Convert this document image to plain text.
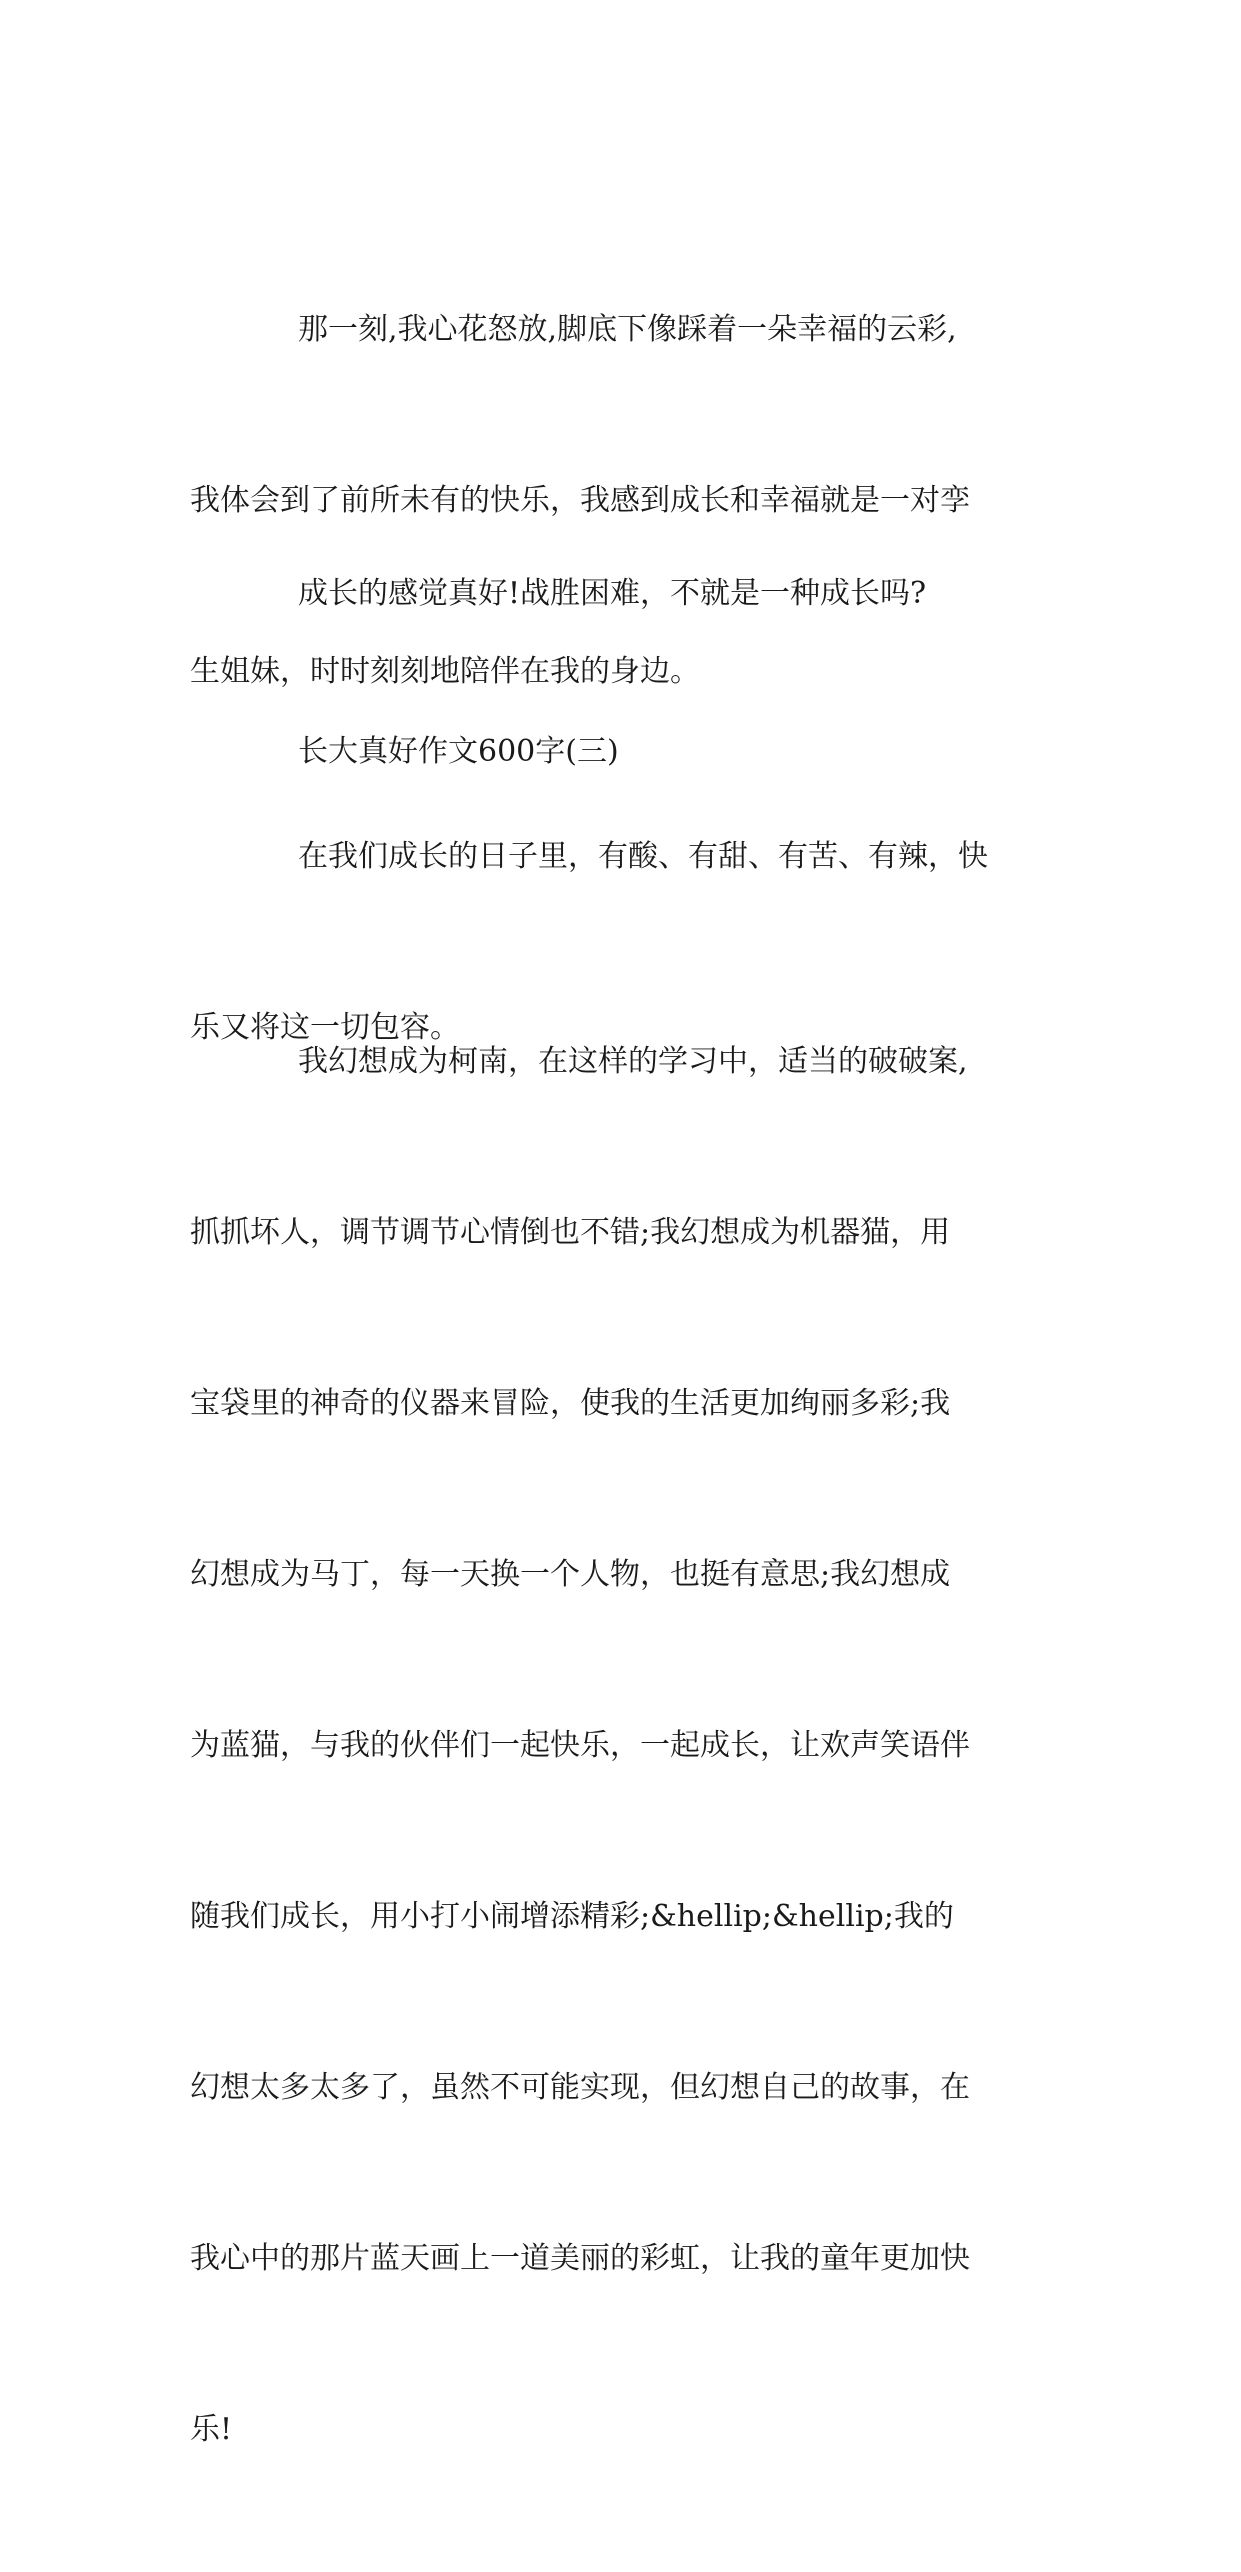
那一刻,我心花怒放,脚底下像踩着一朵幸福的云彩,

我体会到了前所未有的快乐，我感到成长和幸福就是一对孪

生姐妹，时时刻刻地陪伴在我的身边。

成长的感觉真好!战胜困难，不就是一种成长吗?

长大真好作文600字(三)

在我们成长的日子里，有酸、有甜、有苦、有辣，快

乐又将这一切包容。

我幻想成为柯南，在这样的学习中，适当的破破案,

抓抓坏人，调节调节心情倒也不错;我幻想成为机器猫，用

宝袋里的神奇的仪器来冒险，使我的生活更加绚丽多彩;我

幻想成为马丁，每一天换一个人物，也挺有意思;我幻想成

为蓝猫，与我的伙伴们一起快乐，一起成长，让欢声笑语伴

随我们成长，用小打小闹增添精彩;&hellip;&hellip;我的

幻想太多太多了，虽然不可能实现，但幻想自己的故事，在

我心中的那片蓝天画上一道美丽的彩虹，让我的童年更加快

乐!
